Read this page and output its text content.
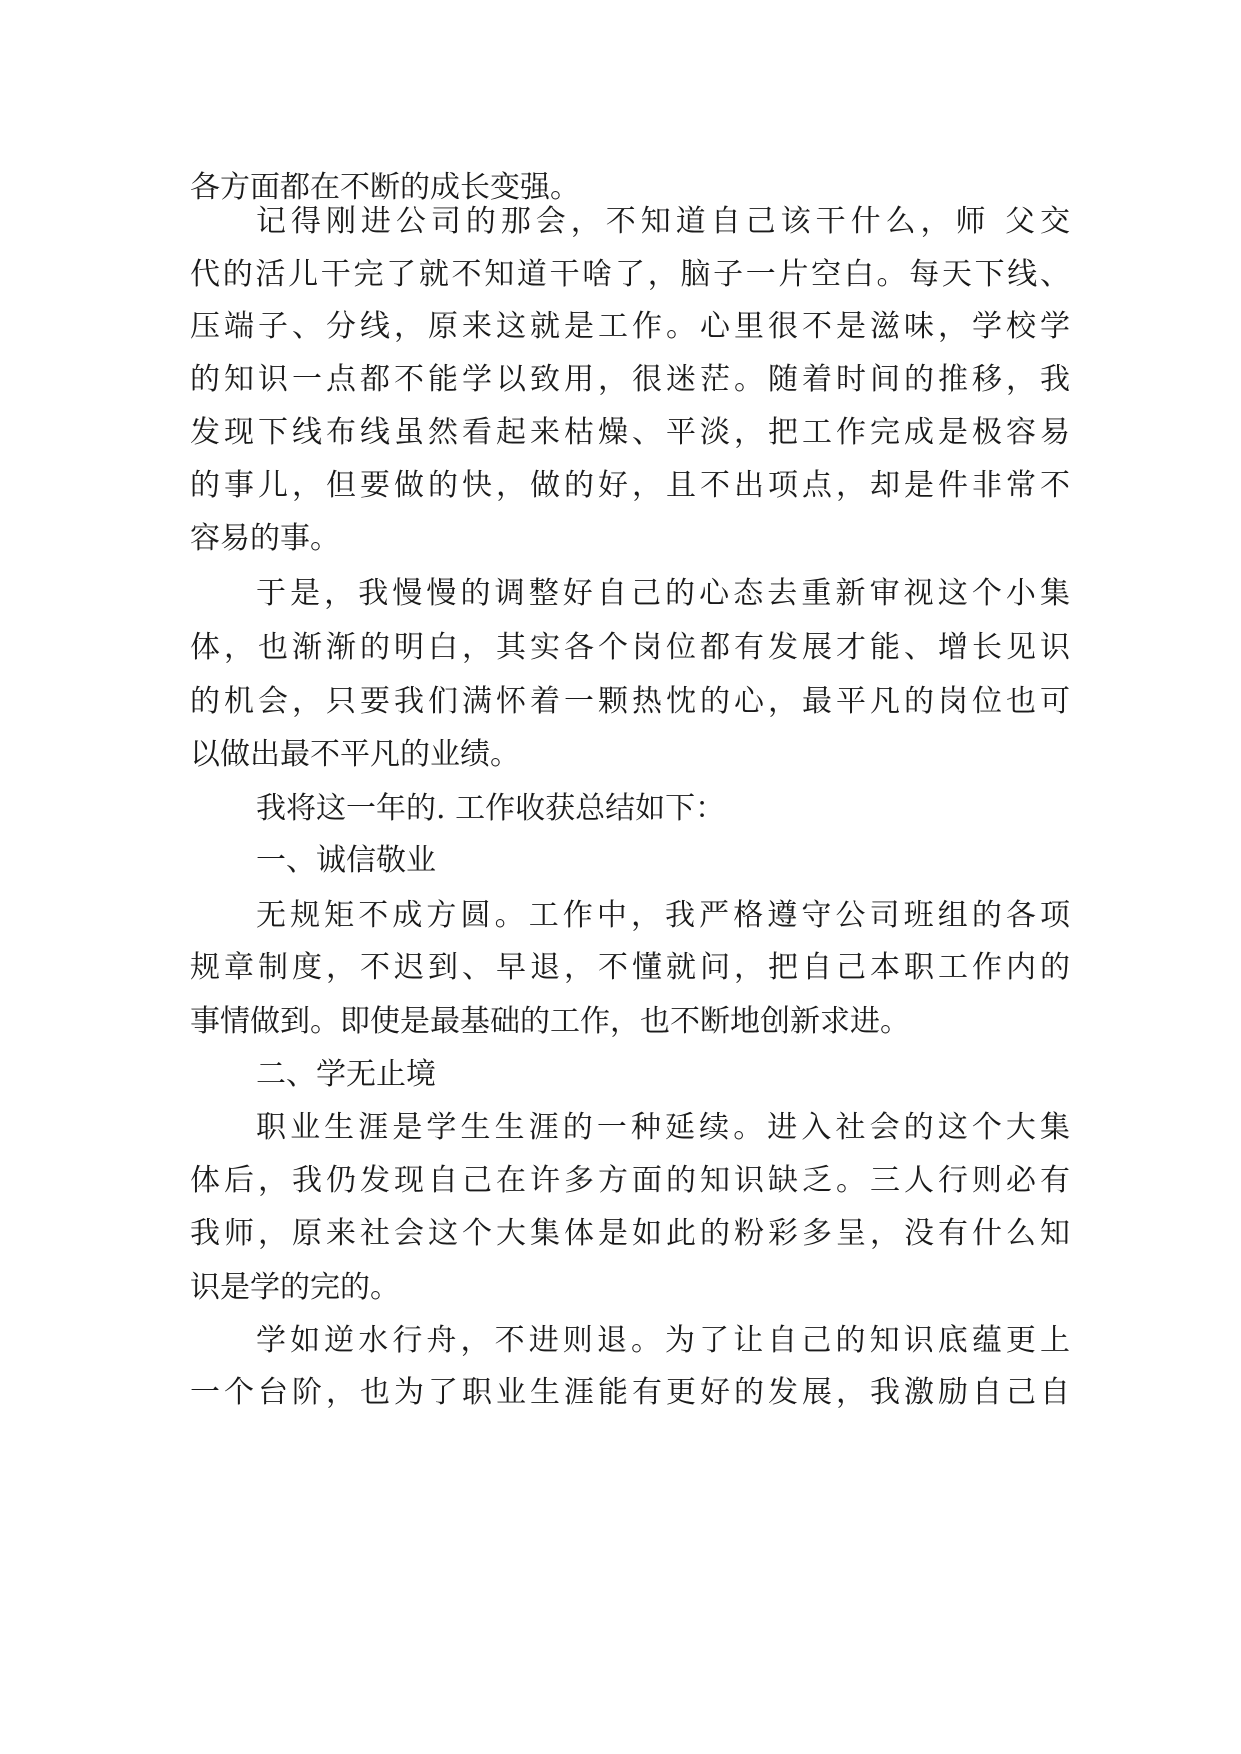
各方面都在不断的成长变强。
记得刚进公司的那会，不知道自己该干什么，师 父交
代的活儿干完了就不知道干啥了，脑子一片空白。每天下线、
压端子、分线，原来这就是工作。心里很不是滋味，学校学
的知识一点都不能学以致用，很迷茫。随着时间的推移，我
发现下线布线虽然看起来枯燥、平淡，把工作完成是极容易
的事儿，但要做的快，做的好，且不出项点，却是件非常不
容易的事。
于是，我慢慢的调整好自己的心态去重新审视这个小集
体，也渐渐的明白，其实各个岗位都有发展才能、增长见识
的机会，只要我们满怀着一颗热忱的心，最平凡的岗位也可
以做出最不平凡的业绩。
我将这一年的. 工作收获总结如下：
一、诚信敬业
无规矩不成方圆。工作中，我严格遵守公司班组的各项
规章制度，不迟到、早退，不懂就问，把自己本职工作内的
事情做到。即使是最基础的工作，也不断地创新求进。
二、学无止境
职业生涯是学生生涯的一种延续。进入社会的这个大集
体后，我仍发现自己在许多方面的知识缺乏。三人行则必有
我师，原来社会这个大集体是如此的粉彩多呈，没有什么知
识是学的完的。
学如逆水行舟，不进则退。为了让自己的知识底蕴更上
一个台阶，也为了职业生涯能有更好的发展，我激励自己自
